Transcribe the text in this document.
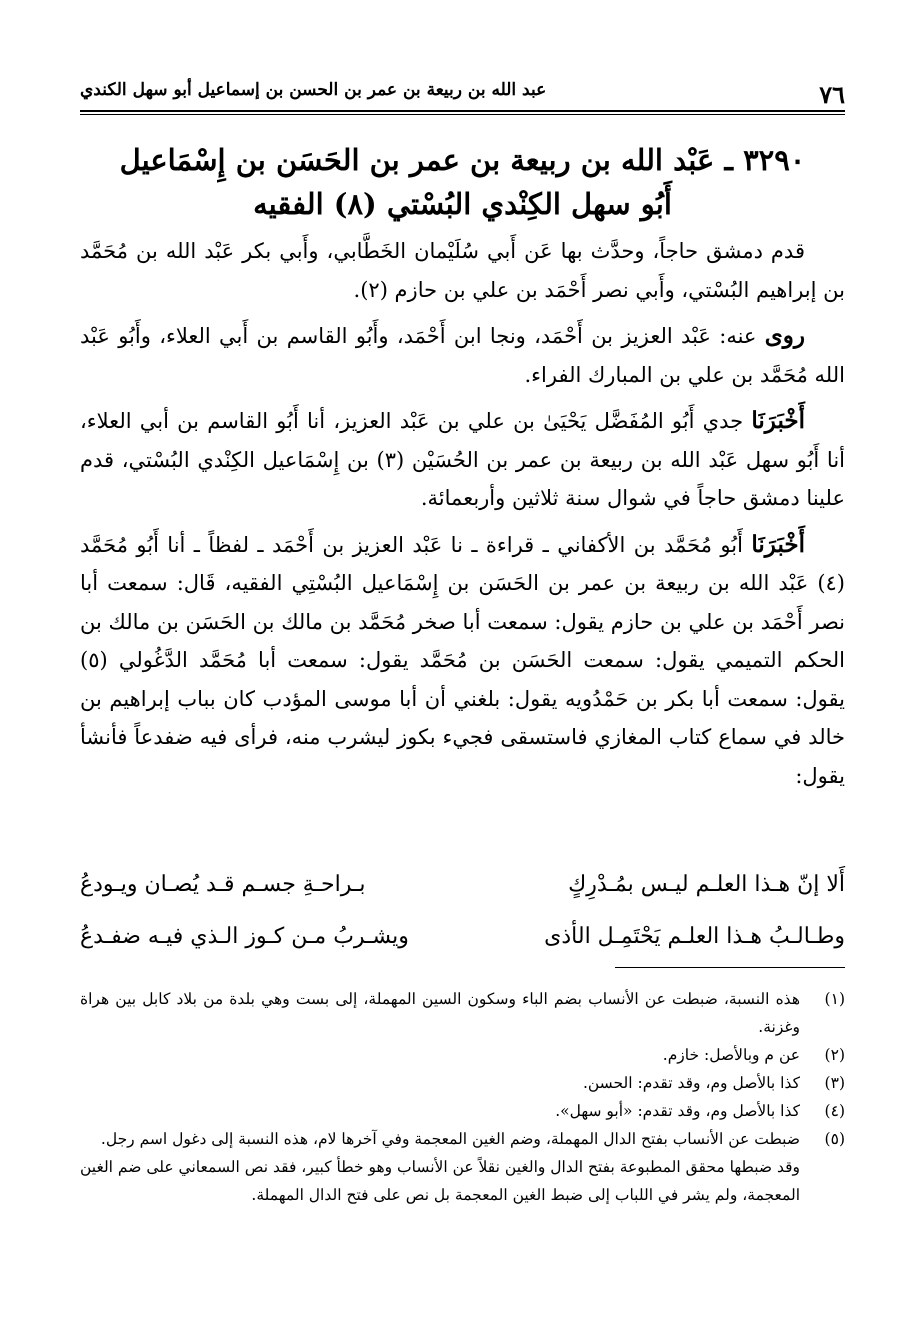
٧٦
عبد الله بن ربيعة بن عمر بن الحسن بن إسماعيل أبو سهل الكندي
٣٢٩٠ ـ عَبْد الله بن ربيعة بن عمر بن الحَسَن بن إِسْمَاعيل
أَبُو سهل الكِنْدي البُسْتي (٨) الفقيه

قدم دمشق حاجاً، وحدَّث بها عَن أَبي سُلَيْمان الخَطَّابي، وأَبي بكر عَبْد الله بن مُحَمَّد بن إبراهيم البُسْتي، وأَبي نصر أَحْمَد بن علي بن حازم (٢).

روى عنه: عَبْد العزيز بن أَحْمَد، ونجا ابن أَحْمَد، وأَبُو القاسم بن أَبي العلاء، وأَبُو عَبْد الله مُحَمَّد بن علي بن المبارك الفراء.

أَخْبَرَنَا جدي أَبُو المُفَضَّل يَحْيَىٰ بن علي بن عَبْد العزيز، أنا أَبُو القاسم بن أبي العلاء، أنا أَبُو سهل عَبْد الله بن ربيعة بن عمر بن الحُسَيْن (٣) بن إِسْمَاعيل الكِنْدي البُسْتي، قدم علينا دمشق حاجاً في شوال سنة ثلاثين وأربعمائة.

أَخْبَرَنَا أَبُو مُحَمَّد بن الأكفاني ـ قراءة ـ نا عَبْد العزيز بن أَحْمَد ـ لفظاً ـ أنا أَبُو مُحَمَّد (٤) عَبْد الله بن ربيعة بن عمر بن الحَسَن بن إِسْمَاعيل البُسْتِي الفقيه، قَال: سمعت أبا نصر أَحْمَد بن علي بن حازم يقول: سمعت أبا صخر مُحَمَّد بن مالك بن الحَسَن بن مالك بن الحكم التميمي يقول: سمعت الحَسَن بن مُحَمَّد يقول: سمعت أبا مُحَمَّد الدَّغُولي (٥) يقول: سمعت أبا بكر بن حَمْدُويه يقول: بلغني أن أبا موسى المؤدب كان بباب إبراهيم بن خالد في سماع كتاب المغازي فاستسقى فجيء بكوز ليشرب منه، فرأى فيه ضفدعاً فأنشأ يقول:

أَلا إنّ هـذا العلـم ليـس بمُـدْرِكٍ
بـراحـةِ جسـم قـد يُصـان ويـودعُ
وطـالـبُ هـذا العلـم يَحْتَمِـل الأذى
ويشـربُ مـن كـوز الـذي فيـه ضفـدعُ
(١)
هذه النسبة، ضبطت عن الأنساب بضم الباء وسكون السين المهملة، إلى بست وهي بلدة من بلاد كابل بين هراة وغزنة.
(٢)
عن م وبالأصل: خازم.
(٣)
كذا بالأصل وم، وقد تقدم: الحسن.
(٤)
كذا بالأصل وم، وقد تقدم: «أبو سهل».
(٥)
ضبطت عن الأنساب بفتح الدال المهملة، وضم الغين المعجمة وفي آخرها لام، هذه النسبة إلى دغول اسم رجل.
وقد ضبطها محقق المطبوعة بفتح الدال والغين نقلاً عن الأنساب وهو خطأ كبير، فقد نص السمعاني على ضم الغين المعجمة، ولم يشر في اللباب إلى ضبط الغين المعجمة بل نص على فتح الدال المهملة.
